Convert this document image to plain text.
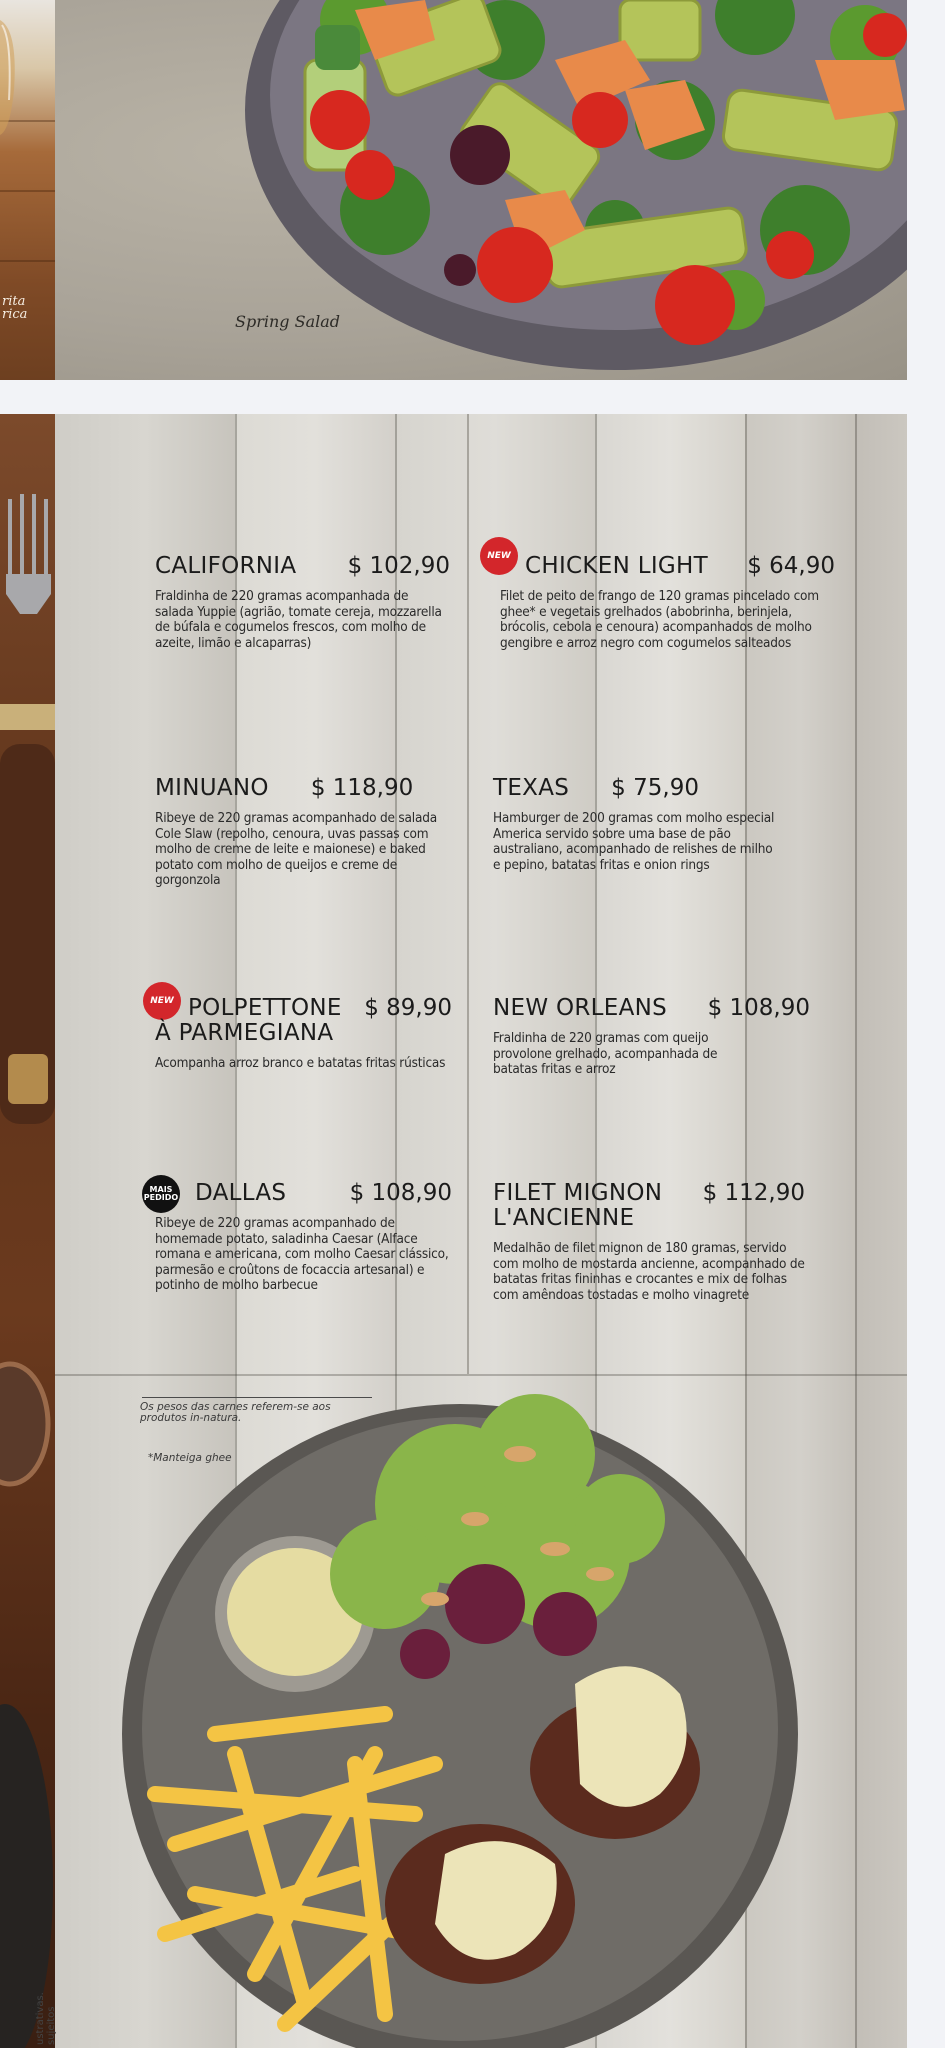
rita
rica	Spring Salad
CALIFORNIA $ 102,90
Fraldinha de 220 gramas acompanhada de salada Yuppie (agrião, tomate cereja, mozzarella de búfala e cogumelos frescos, com molho de azeite, limão e alcaparras)
NEW CHICKEN LIGHT $ 64,90
Filet de peito de frango de 120 gramas pincelado com ghee* e vegetais grelhados (abobrinha, berinjela, brócolis, cebola e cenoura) acompanhados de molho gengibre e arroz negro com cogumelos salteados
MINUANO $ 118,90
Ribeye de 220 gramas acompanhado de salada Cole Slaw (repolho, cenoura, uvas passas com molho de creme de leite e maionese) e baked potato com molho de queijos e creme de gorgonzola
TEXAS $ 75,90
Hamburger de 200 gramas com molho especial America servido sobre uma base de pão australiano, acompanhado de relishes de milho e pepino, batatas fritas e onion rings
NEW POLPETTONE À PARMEGIANA
$ 89,90
Acompanha arroz branco e batatas fritas rústicas
NEW ORLEANS $ 108,90
Fraldinha de 220 gramas com queijo provolone grelhado, acompanhada de batatas fritas e arroz
MAIS
PEDIDO DALLAS	$ 108,90
Ribeye de 220 gramas acompanhado de homemade potato, saladinha Caesar (Alface romana e americana, com molho Caesar clássico, parmesão e croûtons de focaccia artesanal) e potinho de molho barbecue
FILET MIGNON L'ANCIENNE
$ 112,90
Medalhão de filet mignon de 180 gramas, servido com molho de mostarda ancienne, acompanhado de batatas fritas fininhas e crocantes e mix de folhas com amêndoas tostadas e molho vinagrete
Os pesos das carnes referem-se aos produtos in-natura.
*Manteiga ghee
ustrativas. sujeitos
